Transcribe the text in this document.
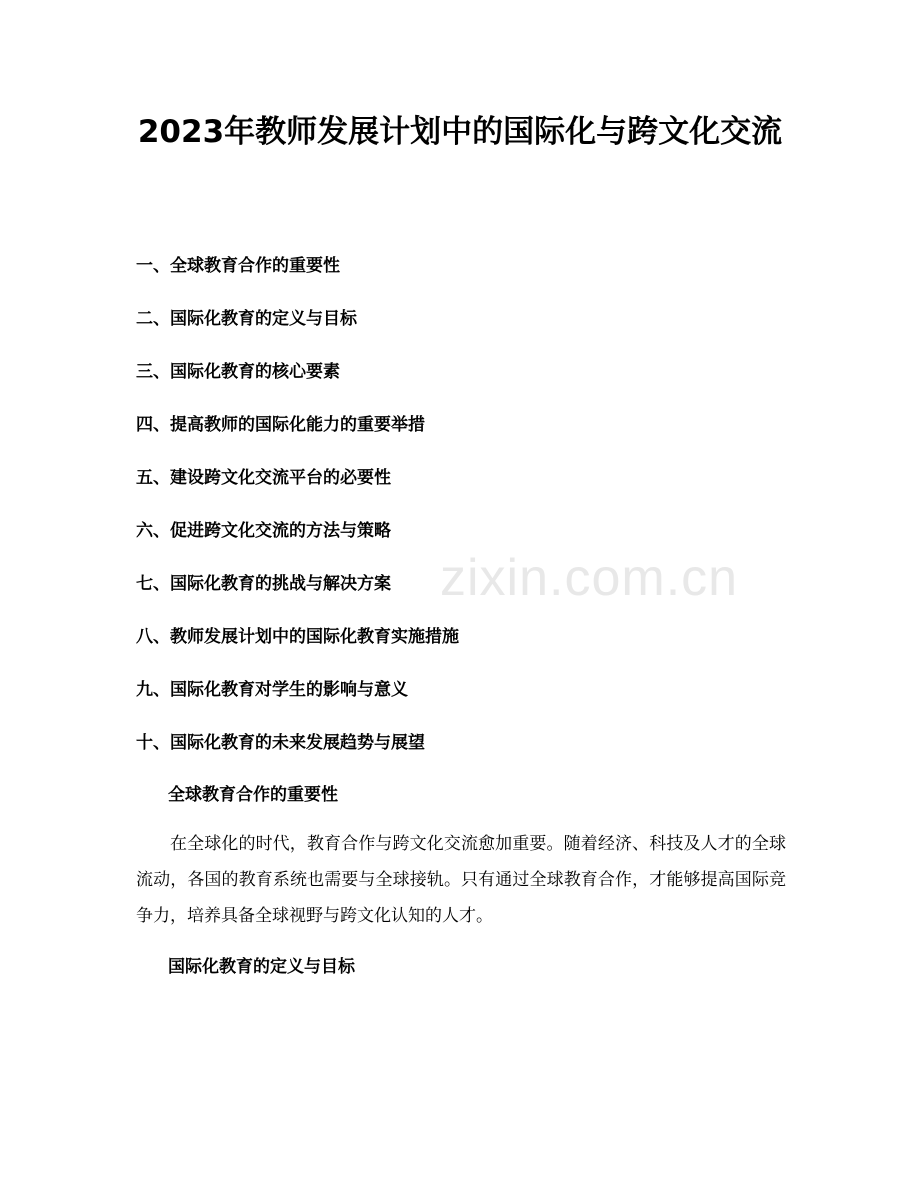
2023年教师发展计划中的国际化与跨文化交流
一、全球教育合作的重要性
二、国际化教育的定义与目标
三、国际化教育的核心要素
四、提高教师的国际化能力的重要举措
五、建设跨文化交流平台的必要性
六、促进跨文化交流的方法与策略
七、国际化教育的挑战与解决方案
八、教师发展计划中的国际化教育实施措施
九、国际化教育对学生的影响与意义
十、国际化教育的未来发展趋势与展望
全球教育合作的重要性

在全球化的时代，教育合作与跨文化交流愈加重要。随着经济、科技及人才的全球流动，各国的教育系统也需要与全球接轨。只有通过全球教育合作，才能够提高国际竞争力，培养具备全球视野与跨文化认知的人才。

国际化教育的定义与目标
zixin.com.cn
